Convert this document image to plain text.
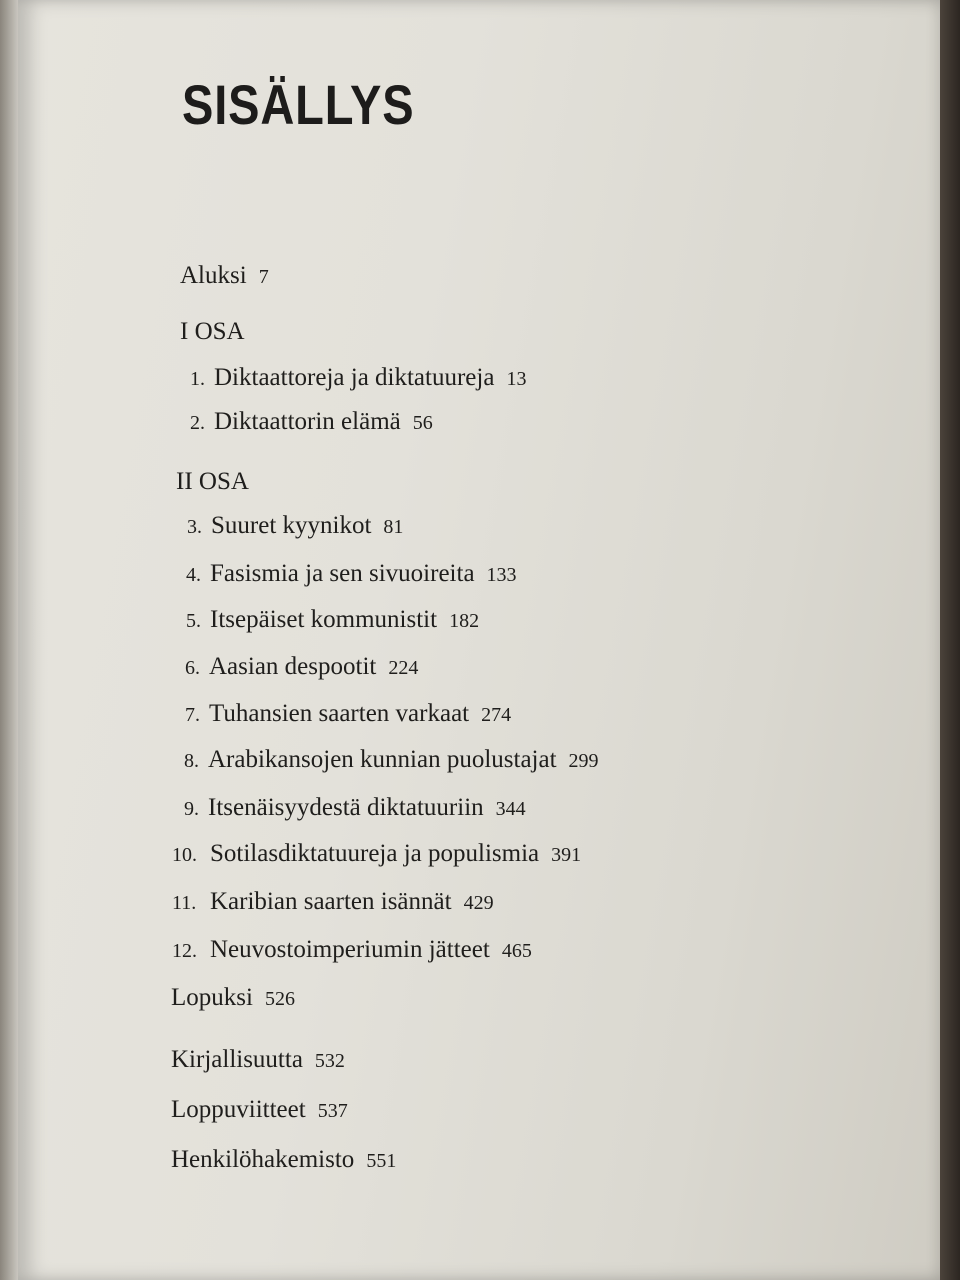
SISÄLLYS
Aluksi 7
I OSA
1. Diktaattoreja ja diktatuureja 13
2. Diktaattorin elämä 56
II OSA
3. Suuret kyynikot 81
4. Fasismia ja sen sivuoireita 133
5. Itsepäiset kommunistit 182
6. Aasian despootit 224
7. Tuhansien saarten varkaat 274
8. Arabikansojen kunnian puolustajat 299
9. Itsenäisyydestä diktatuuriin 344
10. Sotilasdiktatuureja ja populismia 391
11. Karibian saarten isännät 429
12. Neuvostoimperiumin jätteet 465
Lopuksi 526
Kirjallisuutta 532
Loppuviitteet 537
Henkilöhakemisto 551
